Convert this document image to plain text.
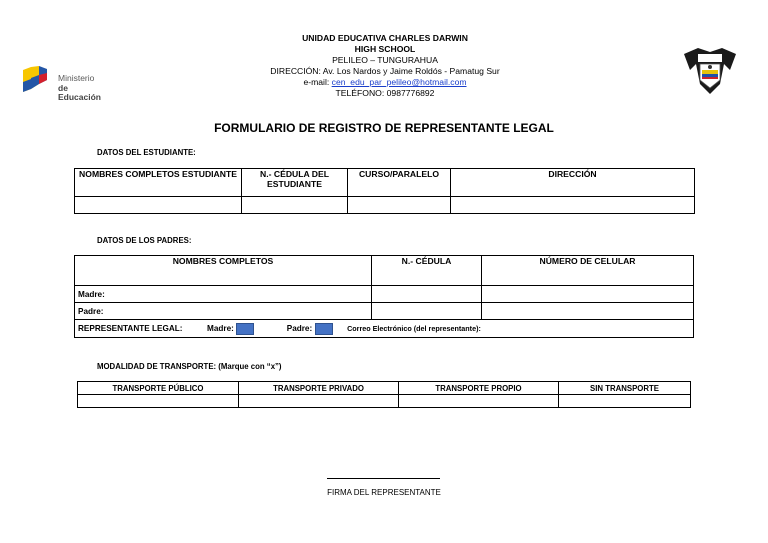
Ministerio
de Educación
UNIDAD EDUCATIVA CHARLES DARWIN
HIGH SCHOOL
PELILEO – TUNGURAHUA
DIRECCIÓN: Av. Los Nardos y Jaime Roldós - Pamatug Sur
e-mail: cen_edu_par_pelileo@hotmail.com
TELÉFONO: 0987776892
FORMULARIO DE REGISTRO DE REPRESENTANTE LEGAL
DATOS DEL ESTUDIANTE:
NOMBRES COMPLETOS ESTUDIANTE	N.- CÉDULA DEL ESTUDIANTE	CURSO/PARALELO	DIRECCIÓN

DATOS DE LOS PADRES:
NOMBRES COMPLETOS	N.- CÉDULA	NÚMERO DE CELULAR
Madre:		
Padre:		
REPRESENTANTE LEGAL: Madre: Padre: Correo Electrónico (del representante):		
MODALIDAD DE TRANSPORTE: (Marque con “x”)
TRANSPORTE PÚBLICO	TRANSPORTE PRIVADO	TRANSPORTE PROPIO	SIN TRANSPORTE

FIRMA DEL REPRESENTANTE
